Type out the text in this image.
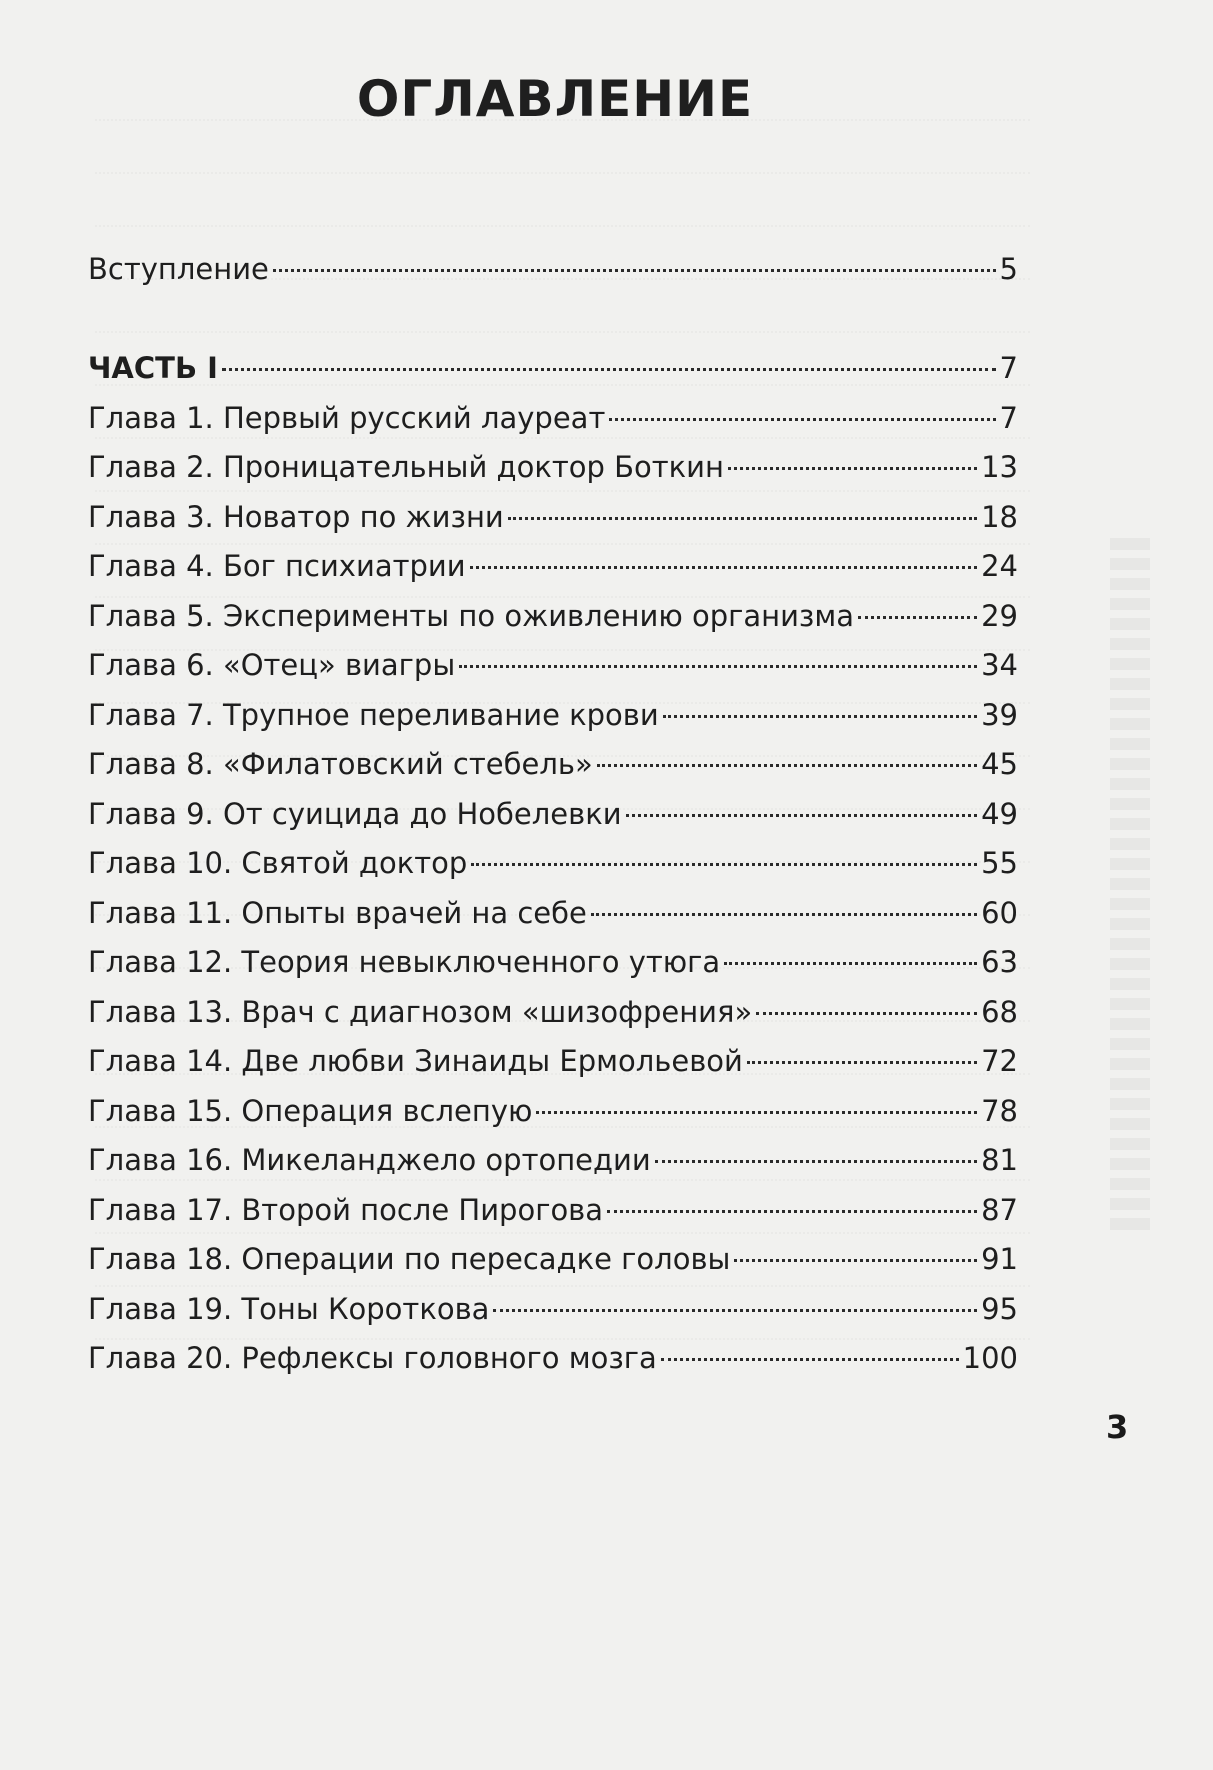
ОГЛАВЛЕНИЕ
Вступление	5
ЧАСТЬ I	7
Глава 1. Первый русский лауреат	7
Глава 2. Проницательный доктор Боткин	13
Глава 3. Новатор по жизни	18
Глава 4. Бог психиатрии	24
Глава 5. Эксперименты по оживлению организма	29
Глава 6. «Отец» виагры	34
Глава 7. Трупное переливание крови	39
Глава 8. «Филатовский стебель»	45
Глава 9. От суицида до Нобелевки	49
Глава 10. Святой доктор	55
Глава 11. Опыты врачей на себе	60
Глава 12. Теория невыключенного утюга	63
Глава 13. Врач с диагнозом «шизофрения»	68
Глава 14. Две любви Зинаиды Ермольевой	72
Глава 15. Операция вслепую	78
Глава 16. Микеланджело ортопедии	81
Глава 17. Второй после Пирогова	87
Глава 18. Операции по пересадке головы	91
Глава 19. Тоны Короткова	95
Глава 20. Рефлексы головного мозга	100
3
